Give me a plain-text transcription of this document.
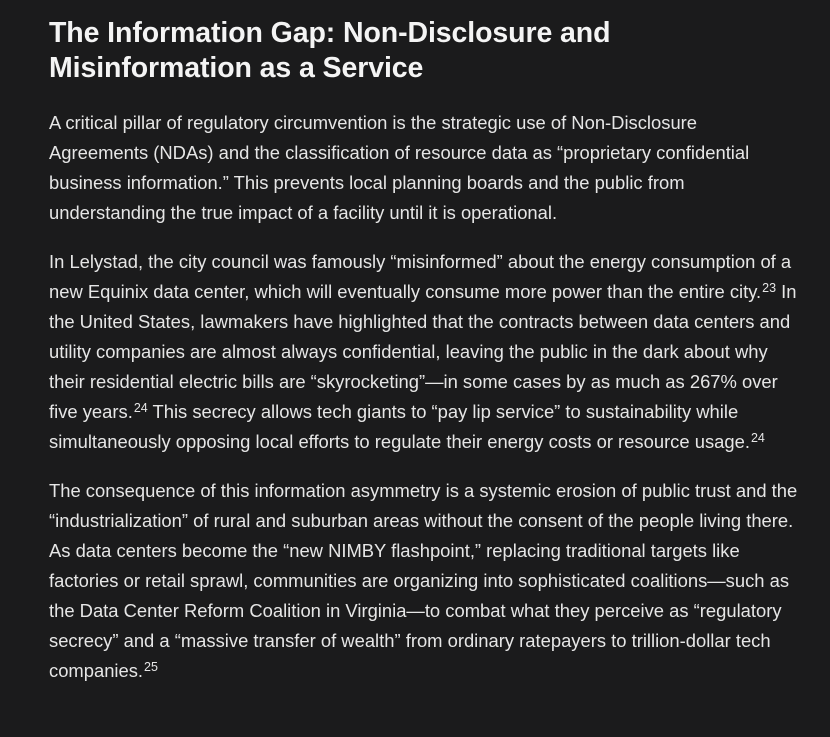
The Information Gap: Non-Disclosure and
Misinformation as a Service

A critical pillar of regulatory circumvention is the strategic use of Non-Disclosure Agreements (NDAs) and the classification of resource data as “proprietary confidential business information.” This prevents local planning boards and the public from understanding the true impact of a facility until it is operational.

In Lelystad, the city council was famously “misinformed” about the energy consumption of a new Equinix data center, which will eventually consume more power than the entire city.$^{23}$ In the United States, lawmakers have highlighted that the contracts between data centers and utility companies are almost always confidential, leaving the public in the dark about why their residential electric bills are “skyrocketing”—in some cases by as much as 267% over five years.$^{24}$ This secrecy allows tech giants to “pay lip service” to sustainability while simultaneously opposing local efforts to regulate their energy costs or resource usage.$^{24}$

The consequence of this information asymmetry is a systemic erosion of public trust and the “industrialization” of rural and suburban areas without the consent of the people living there. As data centers become the “new NIMBY flashpoint,” replacing traditional targets like factories or retail sprawl, communities are organizing into sophisticated coalitions—such as the Data Center Reform Coalition in Virginia—to combat what they perceive as “regulatory secrecy” and a “massive transfer of wealth” from ordinary ratepayers to trillion-dollar tech companies.$^{25}$
